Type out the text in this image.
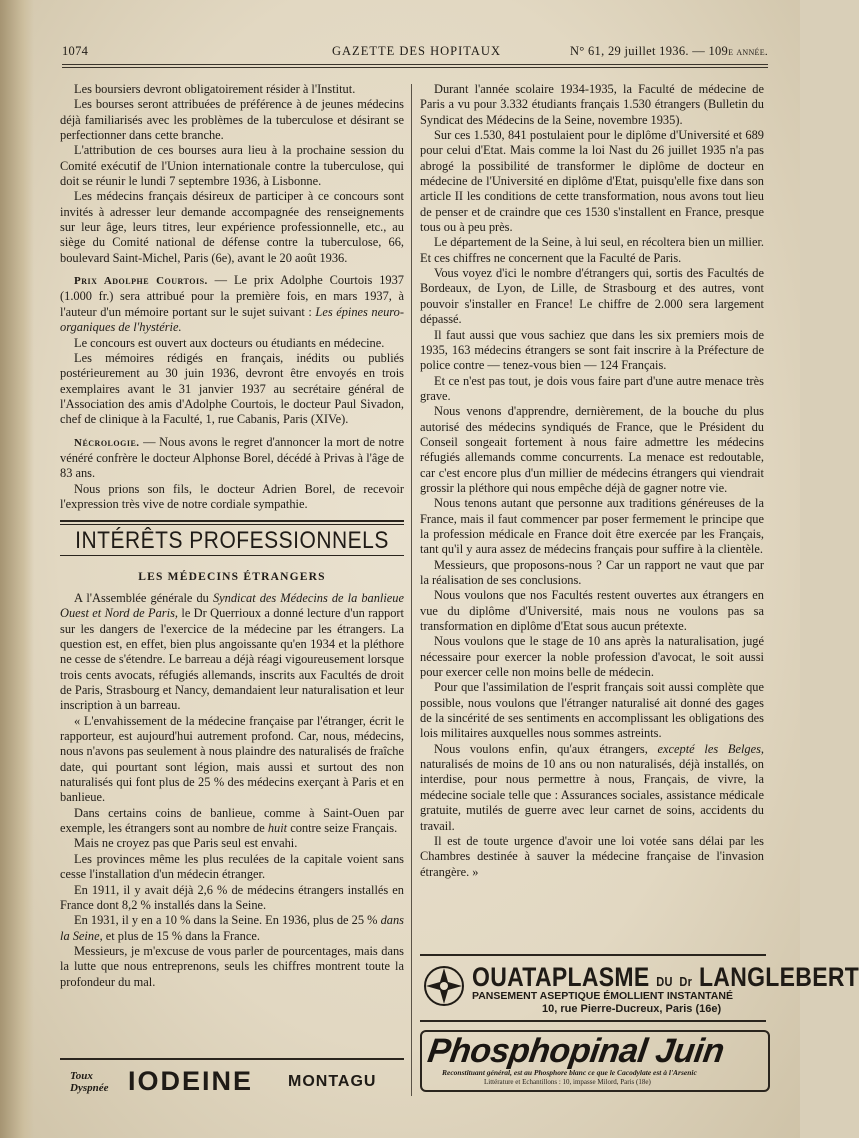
1074	GAZETTE DES HOPITAUX	N° 61, 29 juillet 1936. — 109e année.

Les boursiers devront obligatoirement résider à l'Institut.

Les bourses seront attribuées de préférence à de jeunes médecins déjà familiarisés avec les problèmes de la tuberculose et désirant se perfectionner dans cette branche.

L'attribution de ces bourses aura lieu à la prochaine session du Comité exécutif de l'Union internationale contre la tuberculose, qui doit se réunir le lundi 7 septembre 1936, à Lisbonne.

Les médecins français désireux de participer à ce concours sont invités à adresser leur demande accompagnée des renseignements sur leur âge, leurs titres, leur expérience professionnelle, etc., au siège du Comité national de défense contre la tuberculose, 66, boulevard Saint-Michel, Paris (6e), avant le 20 août 1936.

Prix Adolphe Courtois. — Le prix Adolphe Courtois 1937 (1.000 fr.) sera attribué pour la première fois, en mars 1937, à l'auteur d'un mémoire portant sur le sujet suivant : Les épines neuro-organiques de l'hystérie.

Le concours est ouvert aux docteurs ou étudiants en médecine.

Les mémoires rédigés en français, inédits ou publiés postérieurement au 30 juin 1936, devront être envoyés en trois exemplaires avant le 31 janvier 1937 au secrétaire général de l'Association des amis d'Adolphe Courtois, le docteur Paul Sivadon, chef de clinique à la Faculté, 1, rue Cabanis, Paris (XIVe).

Nécrologie. — Nous avons le regret d'annoncer la mort de notre vénéré confrère le docteur Alphonse Borel, décédé à Privas à l'âge de 83 ans.

Nous prions son fils, le docteur Adrien Borel, de recevoir l'expression très vive de notre cordiale sympathie.

INTÉRÊTS PROFESSIONNELS
LES MÉDECINS ÉTRANGERS

A l'Assemblée générale du Syndicat des Médecins de la banlieue Ouest et Nord de Paris, le Dr Querrioux a donné lecture d'un rapport sur les dangers de l'exercice de la médecine par les étrangers. La question est, en effet, bien plus angoissante qu'en 1934 et la pléthore ne cesse de s'étendre. Le barreau a déjà réagi vigoureusement lorsque trois cents avocats, réfugiés allemands, inscrits aux Facultés de droit de Paris, Strasbourg et Nancy, demandaient leur naturalisation et leur inscription à un barreau.

« L'envahissement de la médecine française par l'étranger, écrit le rapporteur, est aujourd'hui autrement profond. Car, nous, médecins, nous n'avons pas seulement à nous plaindre des naturalisés de fraîche date, qui pourtant sont légion, mais aussi et surtout des non naturalisés qui font plus de 25 % des médecins exerçant à Paris et en banlieue.

Dans certains coins de banlieue, comme à Saint-Ouen par exemple, les étrangers sont au nombre de huit contre seize Français.

Mais ne croyez pas que Paris seul est envahi.

Les provinces même les plus reculées de la capitale voient sans cesse l'installation d'un médecin étranger.

En 1911, il y avait déjà 2,6 % de médecins étrangers installés en France dont 8,2 % installés dans la Seine.

En 1931, il y en a 10 % dans la Seine. En 1936, plus de 25 % dans la Seine, et plus de 15 % dans la France.

Messieurs, je m'excuse de vous parler de pourcentages, mais dans la lutte que nous entreprenons, seuls les chiffres montrent toute la profondeur du mal.

Durant l'année scolaire 1934-1935, la Faculté de médecine de Paris a vu pour 3.332 étudiants français 1.530 étrangers (Bulletin du Syndicat des Médecins de la Seine, novembre 1935).

Sur ces 1.530, 841 postulaient pour le diplôme d'Université et 689 pour celui d'Etat. Mais comme la loi Nast du 26 juillet 1935 n'a pas abrogé la possibilité de transformer le diplôme de docteur en médecine de l'Université en diplôme d'Etat, puisqu'elle fixe dans son article II les conditions de cette transformation, nous avons tout lieu de penser et de craindre que ces 1530 s'installent en France, presque tous ou à peu près.

Le département de la Seine, à lui seul, en récoltera bien un millier. Et ces chiffres ne concernent que la Faculté de Paris.

Vous voyez d'ici le nombre d'étrangers qui, sortis des Facultés de Bordeaux, de Lyon, de Lille, de Strasbourg et des autres, vont pouvoir s'installer en France! Le chiffre de 2.000 sera largement dépassé.

Il faut aussi que vous sachiez que dans les six premiers mois de 1935, 163 médecins étrangers se sont fait inscrire à la Préfecture de police contre — tenez-vous bien — 124 Français.

Et ce n'est pas tout, je dois vous faire part d'une autre menace très grave.

Nous venons d'apprendre, dernièrement, de la bouche du plus autorisé des médecins syndiqués de France, que le Président du Conseil songeait fortement à nous faire admettre les médecins réfugiés allemands comme concurrents. La menace est redoutable, car c'est encore plus d'un millier de médecins étrangers qui viendrait grossir la pléthore qui nous empêche déjà de gagner notre vie.

Nous tenons autant que personne aux traditions généreuses de la France, mais il faut commencer par poser fermement le principe que la profession médicale en France doit être exercée par les Français, tant qu'il y aura assez de médecins français pour suffire à la clientèle.

Messieurs, que proposons-nous ? Car un rapport ne vaut que par la réalisation de ses conclusions.

Nous voulons que nos Facultés restent ouvertes aux étrangers en vue du diplôme d'Université, mais nous ne voulons pas sa transformation en diplôme d'Etat sous aucun prétexte.

Nous voulons que le stage de 10 ans après la naturalisation, jugé nécessaire pour exercer la noble profession d'avocat, le soit aussi pour exercer celle non moins belle de médecin.

Pour que l'assimilation de l'esprit français soit aussi complète que possible, nous voulons que l'étranger naturalisé ait donné des gages de la sincérité de ses sentiments en accomplissant les obligations des lois militaires auxquelles nous sommes astreints.

Nous voulons enfin, qu'aux étrangers, excepté les Belges, naturalisés de moins de 10 ans ou non naturalisés, déjà installés, on interdise, pour nous permettre à nous, Français, de vivre, la médecine sociale telle que : Assurances sociales, assistance médicale gratuite, mutilés de guerre avec leur carnet de soins, accidents du travail.

Il est de toute urgence d'avoir une loi votée sans délai par les Chambres destinée à sauver la médecine française de l'invasion étrangère. »

OUATAPLASME DU Dr LANGLEBERT
PANSEMENT ASEPTIQUE ÉMOLLIENT INSTANTANÉ
10, rue Pierre-Ducreux, Paris (16e)
Phosphopinal Juin
Reconstituant général, est au Phosphore blanc ce que le Cacodylate est à l'Arsenic
Littérature et Echantillons : 10, impasse Milord, Paris (18e)
Toux
Dyspnée IODEINE MONTAGU
